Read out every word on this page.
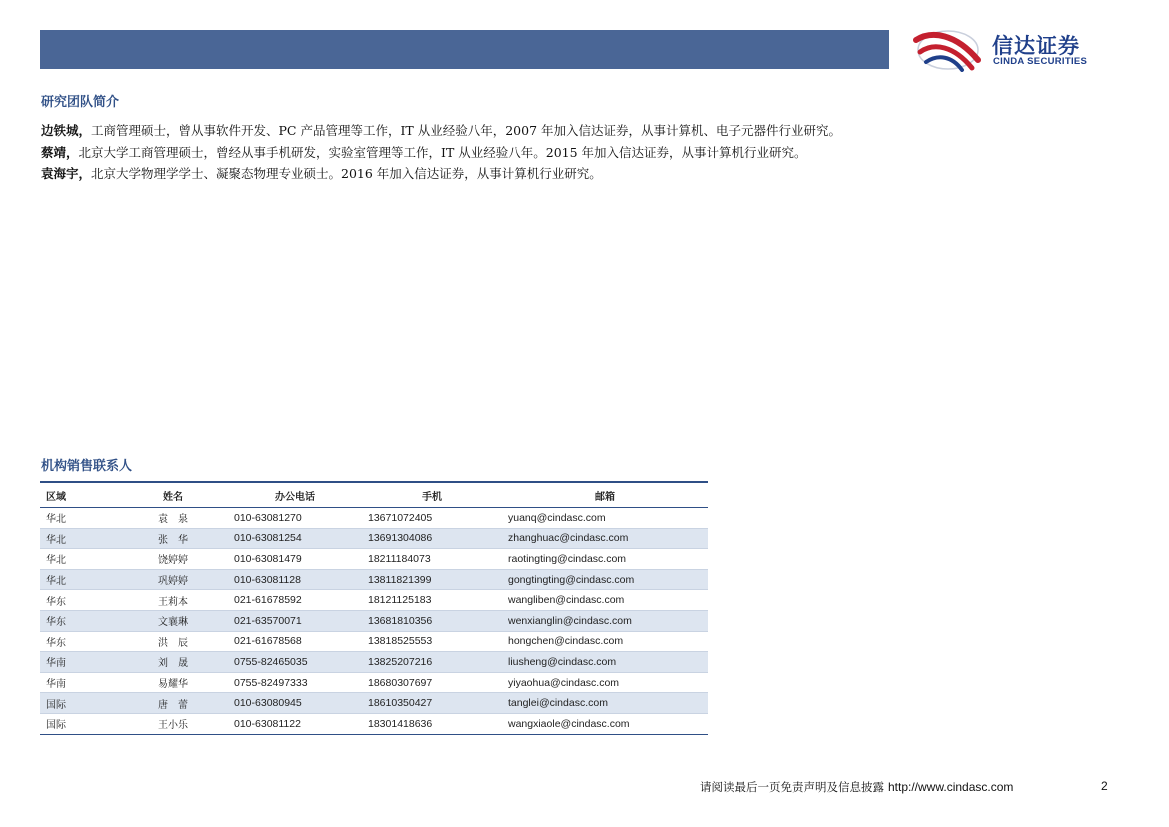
信达证券
CINDA SECURITIES
研究团队简介
边铁城，工商管理硕士，曾从事软件开发、PC 产品管理等工作，IT 从业经验八年，2007 年加入信达证券，从事计算机、电子元器件行业研究。
蔡靖，北京大学工商管理硕士，曾经从事手机研发，实验室管理等工作，IT 从业经验八年。2015 年加入信达证券，从事计算机行业研究。
袁海宇，北京大学物理学学士、凝聚态物理专业硕士。2016 年加入信达证券，从事计算机行业研究。
机构销售联系人
区域	姓名	办公电话	手机	邮箱
华北	袁　泉	010-63081270	13671072405	yuanq@cindasc.com
华北	张　华	010-63081254	13691304086	zhanghuac@cindasc.com
华北	饶婷婷	010-63081479	18211184073	raotingting@cindasc.com
华北	巩婷婷	010-63081128	13811821399	gongtingting@cindasc.com
华东	王莉本	021-61678592	18121125183	wangliben@cindasc.com
华东	文襄琳	021-63570071	13681810356	wenxianglin@cindasc.com
华东	洪　辰	021-61678568	13818525553	hongchen@cindasc.com
华南	刘　晟	0755-82465035	13825207216	liusheng@cindasc.com
华南	易耀华	0755-82497333	18680307697	yiyaohua@cindasc.com
国际	唐　蕾	010-63080945	18610350427	tanglei@cindasc.com
国际	王小乐	010-63081122	18301418636	wangxiaole@cindasc.com
请阅读最后一页免责声明及信息披露 http://www.cindasc.com	2
